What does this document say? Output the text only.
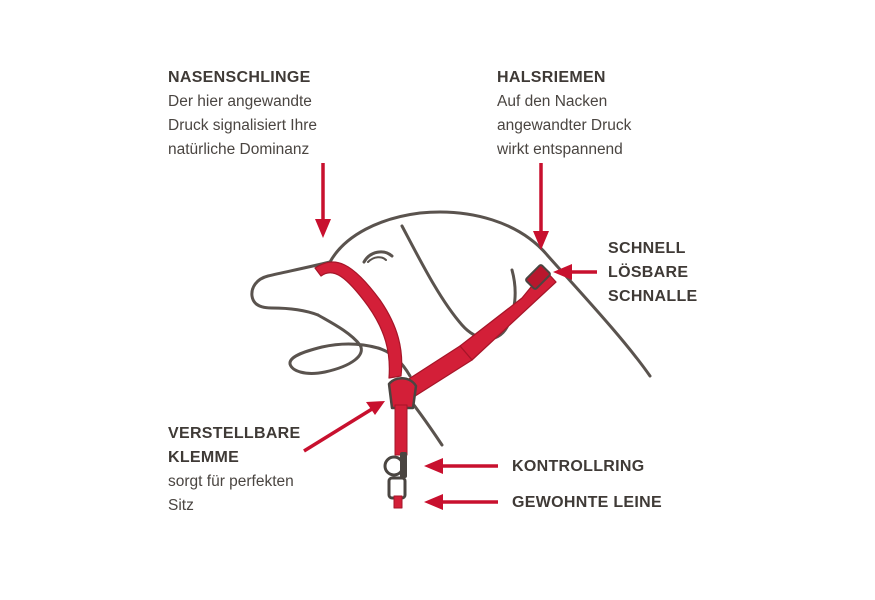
NASENSCHLINGE
Der hier angewandte
Druck signalisiert Ihre
natürliche Dominanz
HALSRIEMEN
Auf den Nacken
angewandter Druck
wirkt entspannend
SCHNELL
LÖSBARE
SCHNALLE
VERSTELLBARE
KLEMME
sorgt für perfekten
Sitz
KONTROLLRING
GEWOHNTE LEINE
